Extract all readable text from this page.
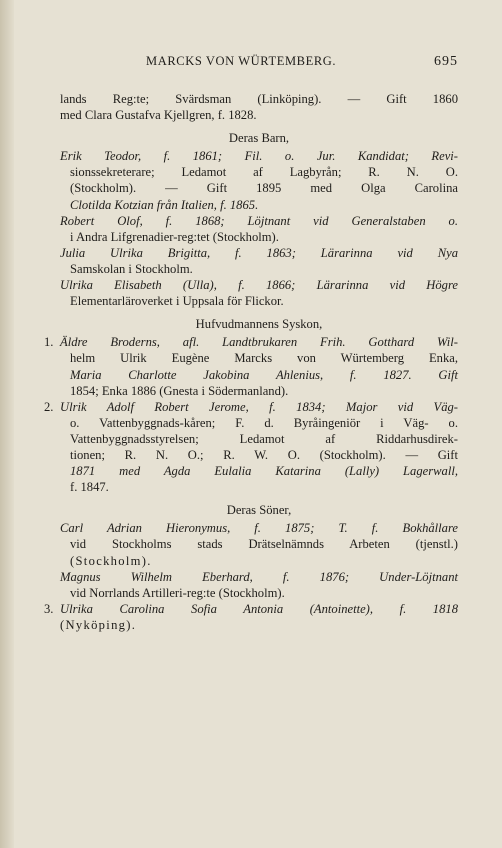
MARCKS VON WÜRTEMBERG.	695
lands Reg:te; Svärdsman (Linköping). — Gift 1860
med Clara Gustafva Kjellgren, f. 1828.
Deras Barn,
Erik Teodor, f. 1861; Fil. o. Jur. Kandidat; Revi-
sionssekreterare; Ledamot af Lagbyrån; R. N. O.
(Stockholm). — Gift 1895 med Olga Carolina
Clotilda Kotzian från Italien, f. 1865.
Robert Olof, f. 1868; Löjtnant vid Generalstaben o.
i Andra Lifgrenadier-reg:tet (Stockholm).
Julia Ulrika Brigitta, f. 1863; Lärarinna vid Nya
Samskolan i Stockholm.
Ulrika Elisabeth (Ulla), f. 1866; Lärarinna vid Högre
Elementarläroverket i Uppsala för Flickor.
Hufvudmannens Syskon,
1. Äldre Broderns, afl. Landtbrukaren Frih. Gotthard Wil-
helm Ulrik Eugène Marcks von Würtemberg Enka,
Maria Charlotte Jakobina Ahlenius, f. 1827. Gift
1854; Enka 1886 (Gnesta i Södermanland).
2. Ulrik Adolf Robert Jerome, f. 1834; Major vid Väg-
o. Vattenbyggnads-kåren; F. d. Byråingeniör i Väg- o.
Vattenbyggnadsstyrelsen; Ledamot af Riddarhusdirek-
tionen; R. N. O.; R. W. O. (Stockholm). — Gift
1871 med Agda Eulalia Katarina (Lally) Lagerwall,
f. 1847.
Deras Söner,
Carl Adrian Hieronymus, f. 1875; T. f. Bokhållare
vid Stockholms stads Drätselnämnds Arbeten (tjenstl.)
(Stockholm).
Magnus Wilhelm Eberhard, f. 1876; Under-Löjtnant
vid Norrlands Artilleri-reg:te (Stockholm).
3. Ulrika Carolina Sofia Antonia (Antoinette), f. 1818
(Nyköping).
